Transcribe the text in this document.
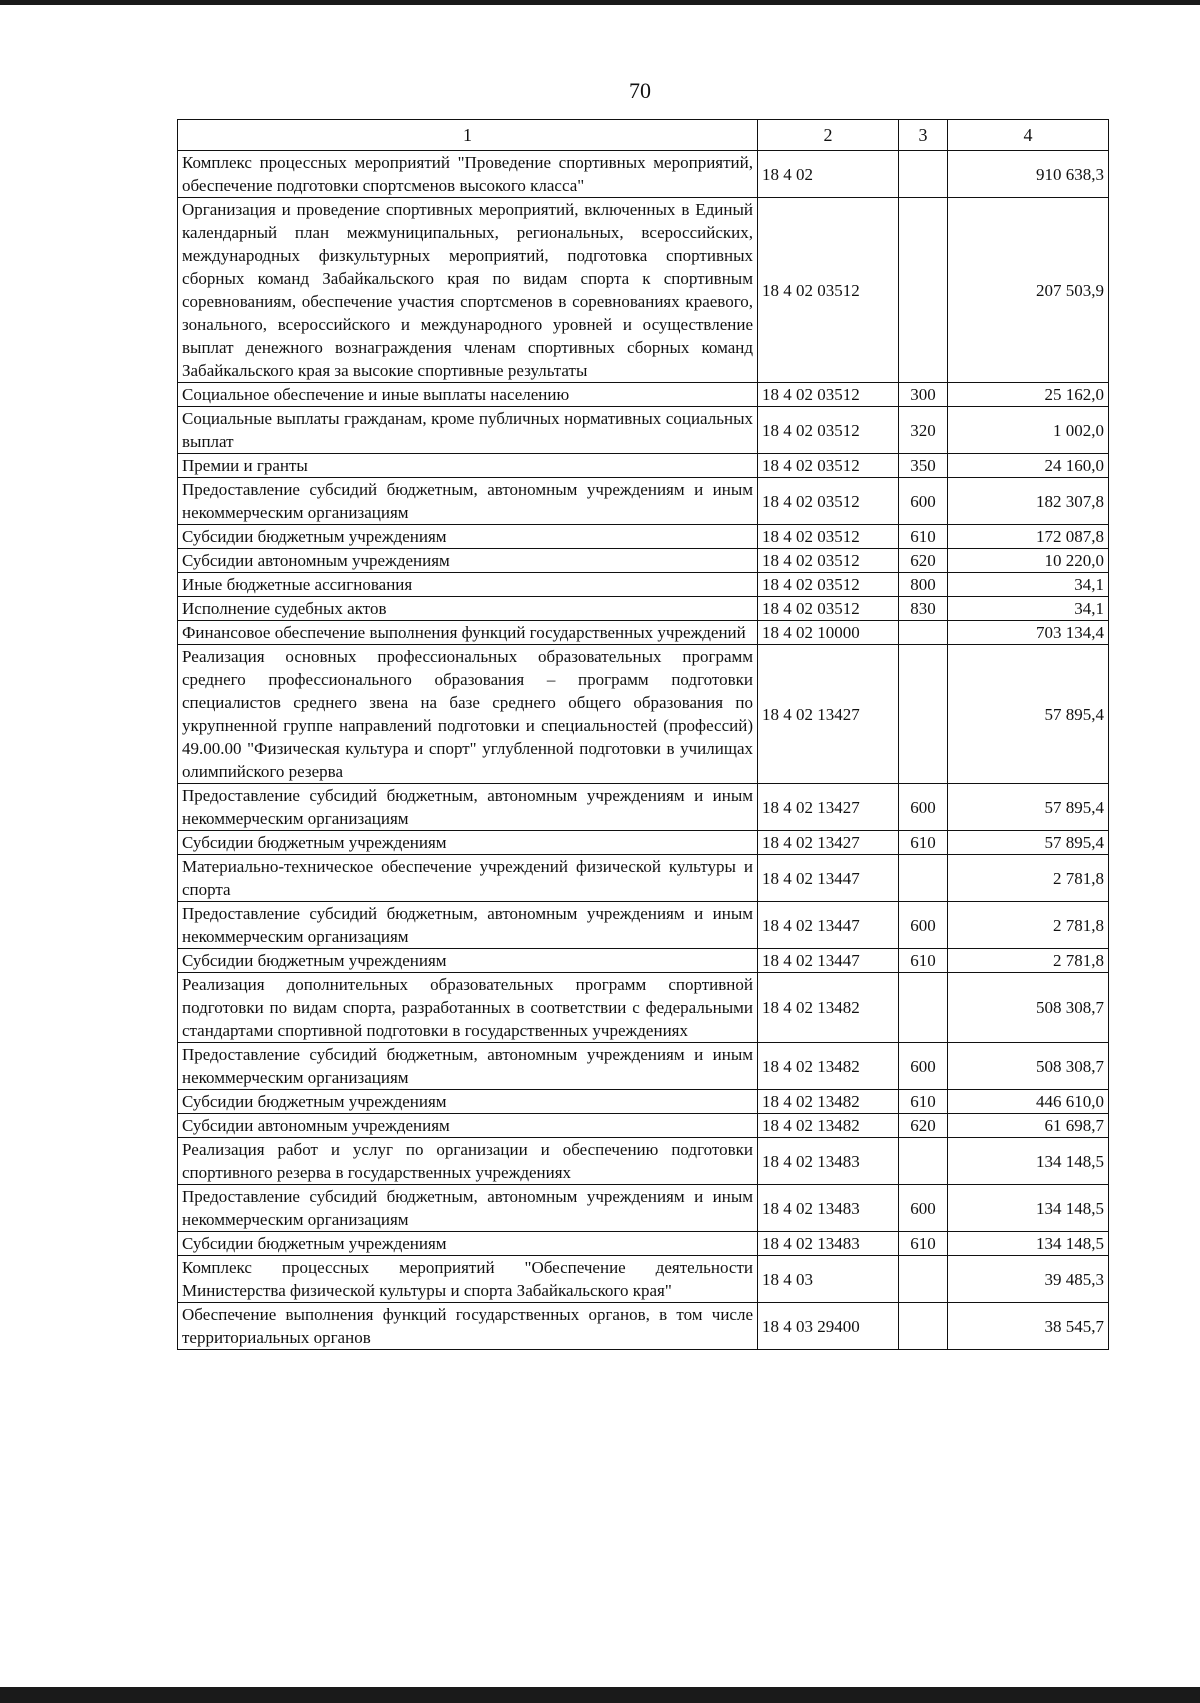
70
1	2	3	4
Комплекс процессных мероприятий "Проведение спортивных мероприятий, обеспечение подготовки спортсменов высокого класса"	18 4 02		910 638,3
Организация и проведение спортивных мероприятий, включенных в Единый календарный план межмуниципальных, региональных, всероссийских, международных физкультурных мероприятий, подготовка спортивных сборных команд Забайкальского края по видам спорта к спортивным соревнованиям, обеспечение участия спортсменов в соревнованиях краевого, зонального, всероссийского и международного уровней и осуществление выплат денежного вознаграждения членам спортивных сборных команд Забайкальского края за высокие спортивные результаты	18 4 02 03512		207 503,9
Социальное обеспечение и иные выплаты населению	18 4 02 03512	300	25 162,0
Социальные выплаты гражданам, кроме публичных нормативных социальных выплат	18 4 02 03512	320	1 002,0
Премии и гранты	18 4 02 03512	350	24 160,0
Предоставление субсидий бюджетным, автономным учреждениям и иным некоммерческим организациям	18 4 02 03512	600	182 307,8
Субсидии бюджетным учреждениям	18 4 02 03512	610	172 087,8
Субсидии автономным учреждениям	18 4 02 03512	620	10 220,0
Иные бюджетные ассигнования	18 4 02 03512	800	34,1
Исполнение судебных актов	18 4 02 03512	830	34,1
Финансовое обеспечение выполнения функций государственных учреждений	18 4 02 10000		703 134,4
Реализация основных профессиональных образовательных программ среднего профессионального образования – программ подготовки специалистов среднего звена на базе среднего общего образования по укрупненной группе направлений подготовки и специальностей (профессий) 49.00.00 "Физическая культура и спорт" углубленной подготовки в училищах олимпийского резерва	18 4 02 13427		57 895,4
Предоставление субсидий бюджетным, автономным учреждениям и иным некоммерческим организациям	18 4 02 13427	600	57 895,4
Субсидии бюджетным учреждениям	18 4 02 13427	610	57 895,4
Материально-техническое обеспечение учреждений физической культуры и спорта	18 4 02 13447		2 781,8
Предоставление субсидий бюджетным, автономным учреждениям и иным некоммерческим организациям	18 4 02 13447	600	2 781,8
Субсидии бюджетным учреждениям	18 4 02 13447	610	2 781,8
Реализация дополнительных образовательных программ спортивной подготовки по видам спорта, разработанных в соответствии с федеральными стандартами спортивной подготовки в государственных учреждениях	18 4 02 13482		508 308,7
Предоставление субсидий бюджетным, автономным учреждениям и иным некоммерческим организациям	18 4 02 13482	600	508 308,7
Субсидии бюджетным учреждениям	18 4 02 13482	610	446 610,0
Субсидии автономным учреждениям	18 4 02 13482	620	61 698,7
Реализация работ и услуг по организации и обеспечению подготовки спортивного резерва в государственных учреждениях	18 4 02 13483		134 148,5
Предоставление субсидий бюджетным, автономным учреждениям и иным некоммерческим организациям	18 4 02 13483	600	134 148,5
Субсидии бюджетным учреждениям	18 4 02 13483	610	134 148,5
Комплекс процессных мероприятий "Обеспечение деятельности Министерства физической культуры и спорта Забайкальского края"	18 4 03		39 485,3
Обеспечение выполнения функций государственных органов, в том числе территориальных органов	18 4 03 29400		38 545,7
